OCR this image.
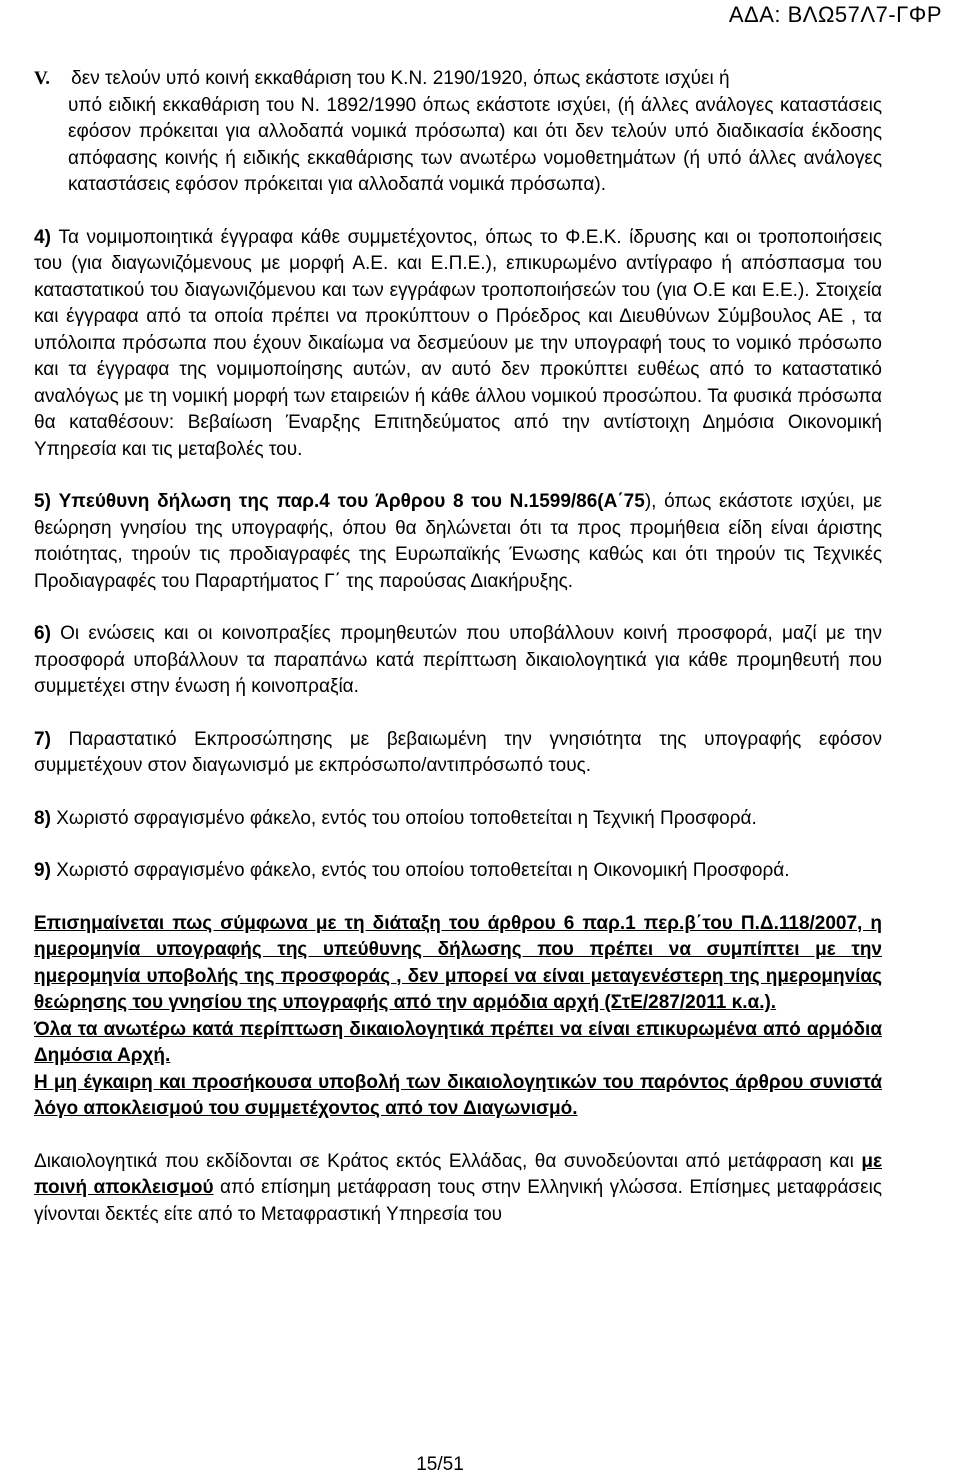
ΑΔΑ: ΒΛΩ57Λ7-ΓΦΡ

V. δεν τελούν υπό κοινή εκκαθάριση του Κ.Ν. 2190/1920, όπως εκάστοτε ισχύει ή
υπό ειδική εκκαθάριση του Ν. 1892/1990 όπως εκάστοτε ισχύει, (ή άλλες ανάλογες καταστάσεις εφόσον πρόκειται για αλλοδαπά νομικά πρόσωπα) και ότι δεν τελούν υπό διαδικασία έκδοσης απόφασης κοινής ή ειδικής εκκαθάρισης των ανωτέρω νομοθετημάτων (ή υπό άλλες ανάλογες καταστάσεις εφόσον πρόκειται για αλλοδαπά νομικά πρόσωπα).

4) Τα νομιμοποιητικά έγγραφα κάθε συμμετέχοντος, όπως το Φ.Ε.Κ. ίδρυσης και οι τροποποιήσεις του (για διαγωνιζόμενους με μορφή Α.Ε. και Ε.Π.Ε.), επικυρωμένο αντίγραφο ή απόσπασμα του καταστατικού του διαγωνιζόμενου και των εγγράφων τροποποιήσεών του (για Ο.Ε και Ε.Ε.). Στοιχεία και έγγραφα από τα οποία πρέπει να προκύπτουν ο Πρόεδρος και Διευθύνων Σύμβουλος ΑΕ , τα υπόλοιπα πρόσωπα που έχουν δικαίωμα να δεσμεύουν με την υπογραφή τους το νομικό πρόσωπο και τα έγγραφα της νομιμοποίησης αυτών, αν αυτό δεν προκύπτει ευθέως από το καταστατικό αναλόγως με τη νομική μορφή των εταιρειών ή κάθε άλλου νομικού προσώπου. Τα φυσικά πρόσωπα θα καταθέσουν: Βεβαίωση Έναρξης Επιτηδεύματος από την αντίστοιχη Δημόσια Οικονομική Υπηρεσία και τις μεταβολές του.

5) Υπεύθυνη δήλωση της παρ.4 του Άρθρου 8 του Ν.1599/86(Α΄75), όπως εκάστοτε ισχύει, με θεώρηση γνησίου της υπογραφής, όπου θα δηλώνεται ότι τα προς προμήθεια είδη είναι άριστης ποιότητας, τηρούν τις προδιαγραφές της Ευρωπαϊκής Ένωσης καθώς και ότι τηρούν τις Τεχνικές Προδιαγραφές του Παραρτήματος Γ΄ της παρούσας Διακήρυξης.

6) Οι ενώσεις και οι κοινοπραξίες προμηθευτών που υποβάλλουν κοινή προσφορά, μαζί με την προσφορά υποβάλλουν τα παραπάνω κατά περίπτωση δικαιολογητικά για κάθε προμηθευτή που συμμετέχει στην ένωση ή κοινοπραξία.

7) Παραστατικό Εκπροσώπησης με βεβαιωμένη την γνησιότητα της υπογραφής εφόσον συμμετέχουν στον διαγωνισμό με εκπρόσωπο/αντιπρόσωπό τους.

8) Χωριστό σφραγισμένο φάκελο, εντός του οποίου τοποθετείται η Τεχνική Προσφορά.

9) Χωριστό σφραγισμένο φάκελο, εντός του οποίου τοποθετείται η Οικονομική Προσφορά.

Επισημαίνεται πως σύμφωνα με τη διάταξη του άρθρου 6 παρ.1 περ.β΄του Π.Δ.118/2007, η ημερομηνία υπογραφής της υπεύθυνης δήλωσης που πρέπει να συμπίπτει με την ημερομηνία υποβολής της προσφοράς , δεν μπορεί να είναι μεταγενέστερη της ημερομηνίας θεώρησης του γνησίου της υπογραφής από την αρμόδια αρχή (ΣτΕ/287/2011 κ.α.).

Όλα τα ανωτέρω κατά περίπτωση δικαιολογητικά πρέπει να είναι επικυρωμένα από αρμόδια Δημόσια Αρχή.

Η μη έγκαιρη και προσήκουσα υποβολή των δικαιολογητικών του παρόντος άρθρου συνιστά λόγο αποκλεισμού του συμμετέχοντος από τον Διαγωνισμό.

Δικαιολογητικά που εκδίδονται σε Κράτος εκτός Ελλάδας, θα συνοδεύονται από μετάφραση και με ποινή αποκλεισμού από επίσημη μετάφραση τους στην Ελληνική γλώσσα. Επίσημες μεταφράσεις γίνονται δεκτές είτε από το Μεταφραστική Υπηρεσία του

15/51
